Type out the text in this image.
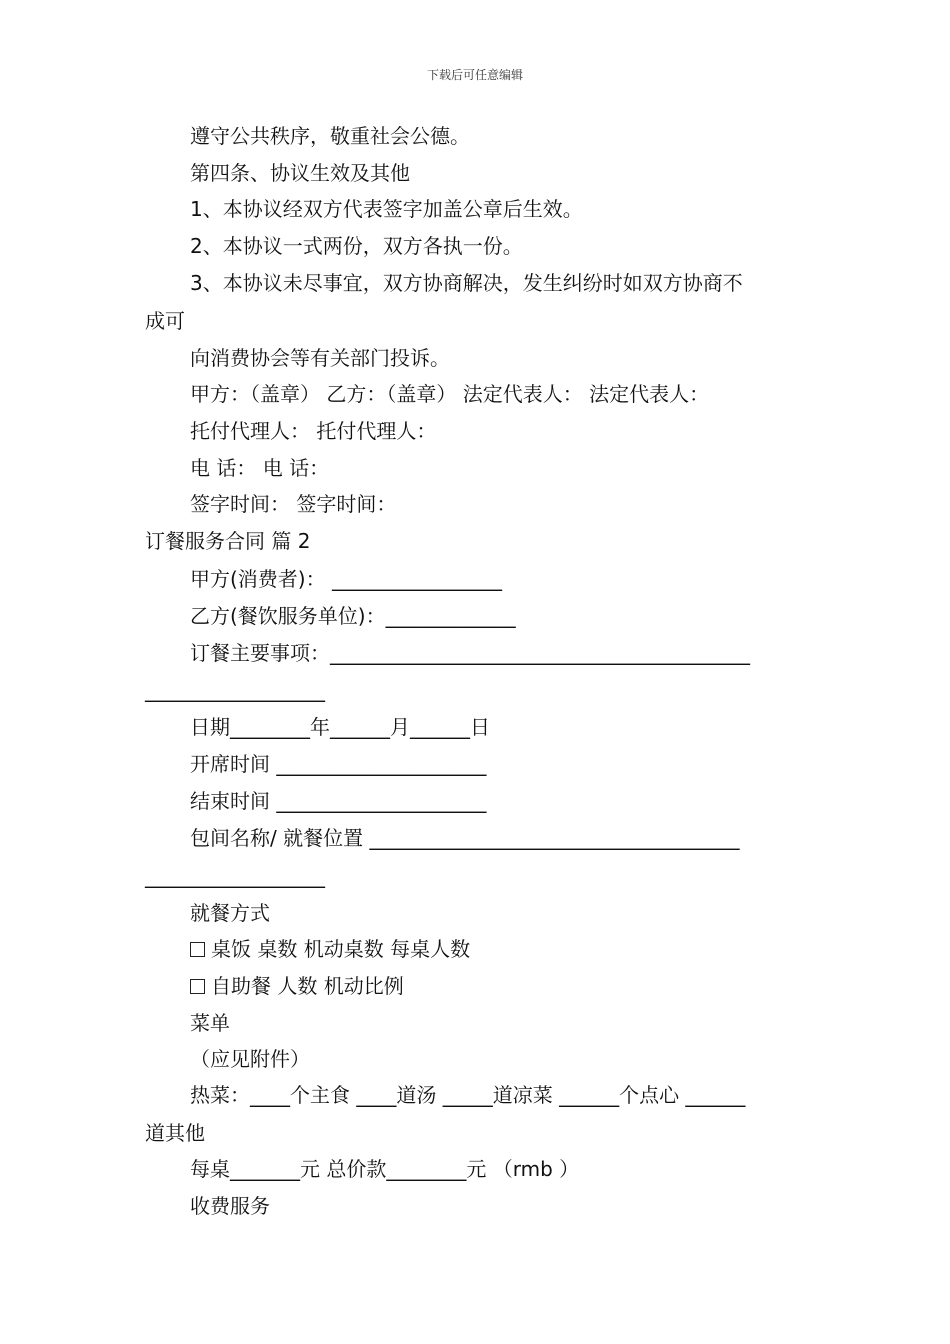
下载后可任意编辑
遵守公共秩序，敬重社会公德。
第四条、协议生效及其他
1、本协议经双方代表签字加盖公章后生效。
2、本协议一式两份，双方各执一份。
3、本协议未尽事宜，双方协商解决，发生纠纷时如双方协商不
成可
向消费协会等有关部门投诉。
甲方：（盖章） 乙方：（盖章） 法定代表人： 法定代表人：
托付代理人： 托付代理人：
电 话： 电 话：
签字时间： 签字时间：
订餐服务合同 篇 2
甲方(消费者)： _________________
乙方(餐饮服务单位)：_____________
订餐主要事项：__________________________________________
__________________
日期________年______月______日
开席时间 _____________________
结束时间 _____________________
包间名称/ 就餐位置 _____________________________________
__________________
就餐方式
桌饭 桌数 机动桌数 每桌人数
自助餐 人数 机动比例
菜单
（应见附件）
热菜：____个主食 ____道汤 _____道凉菜 ______个点心 ______
道其他
每桌_______元 总价款________元 （rmb ）
收费服务
